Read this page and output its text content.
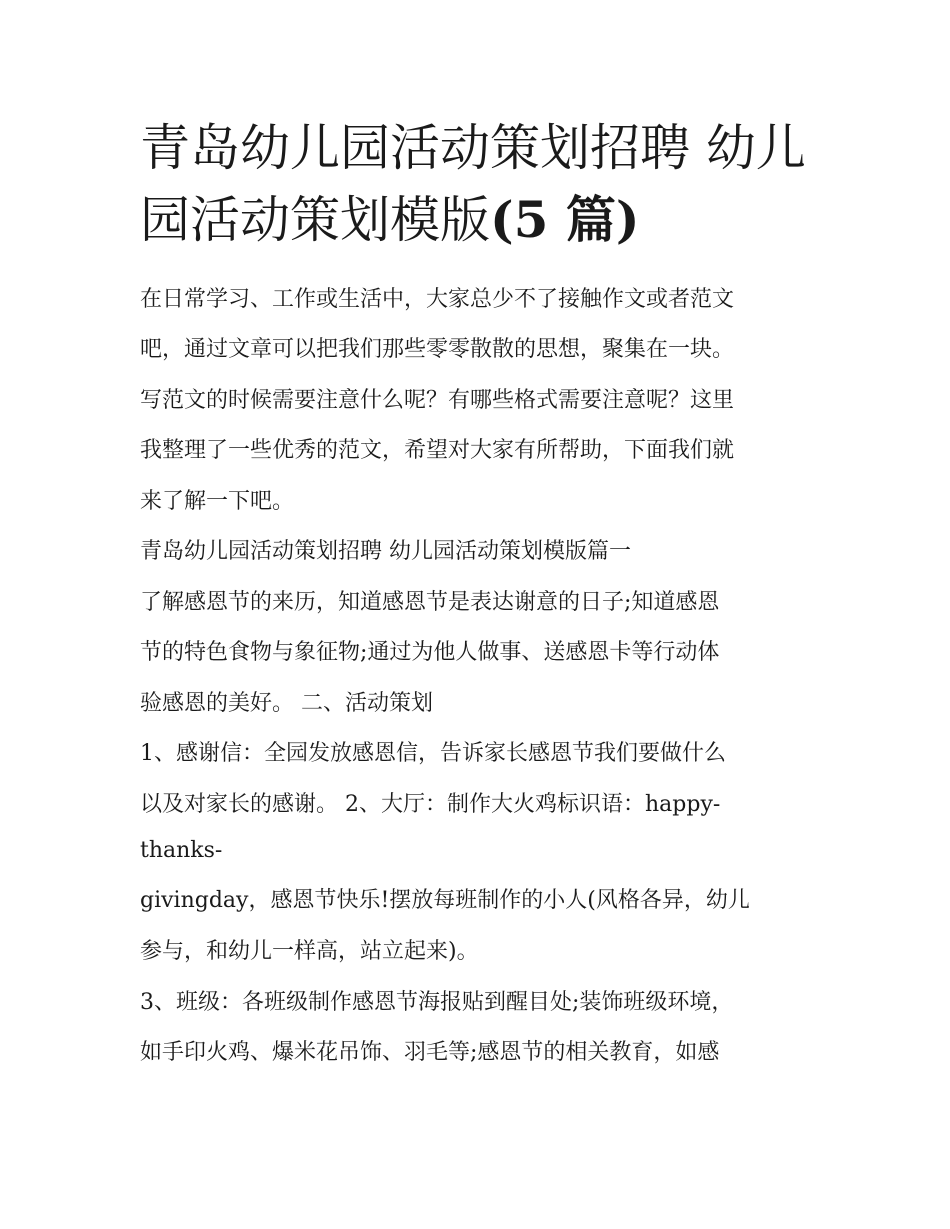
青岛幼儿园活动策划招聘 幼儿
园活动策划模版(5 篇)
在日常学习、工作或生活中，大家总少不了接触作文或者范文
吧，通过文章可以把我们那些零零散散的思想，聚集在一块。
写范文的时候需要注意什么呢？有哪些格式需要注意呢？这里
我整理了一些优秀的范文，希望对大家有所帮助，下面我们就
来了解一下吧。
青岛幼儿园活动策划招聘 幼儿园活动策划模版篇一
了解感恩节的来历，知道感恩节是表达谢意的日子;知道感恩
节的特色食物与象征物;通过为他人做事、送感恩卡等行动体
验感恩的美好。 二、活动策划
1、感谢信：全园发放感恩信，告诉家长感恩节我们要做什么
以及对家长的感谢。 2、大厅：制作大火鸡标识语：happy-
thanks-
givingday，感恩节快乐!摆放每班制作的小人(风格各异，幼儿
参与，和幼儿一样高，站立起来)。
3、班级：各班级制作感恩节海报贴到醒目处;装饰班级环境，
如手印火鸡、爆米花吊饰、羽毛等;感恩节的相关教育，如感
